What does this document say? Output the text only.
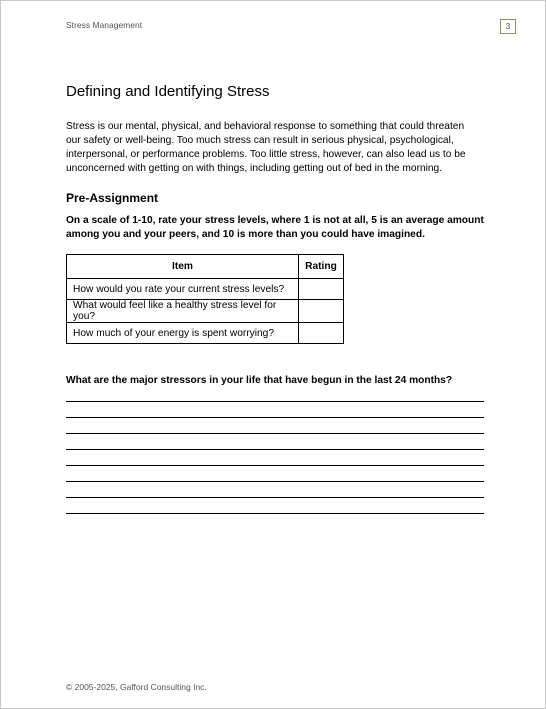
Stress Management	3
Defining and Identifying Stress

Stress is our mental, physical, and behavioral response to something that could threaten our safety or well-being. Too much stress can result in serious physical, psychological, interpersonal, or performance problems. Too little stress, however, can also lead us to be unconcerned with getting on with things, including getting out of bed in the morning.

Pre-Assignment

On a scale of 1-10, rate your stress levels, where 1 is not at all, 5 is an average amount among you and your peers, and 10 is more than you could have imagined.

Item	Rating
How would you rate your current stress levels?	
What would feel like a healthy stress level for you?	
How much of your energy is spent worrying?	

What are the major stressors in your life that have begun in the last 24 months?

© 2005-2025, Gafford Consulting Inc.
